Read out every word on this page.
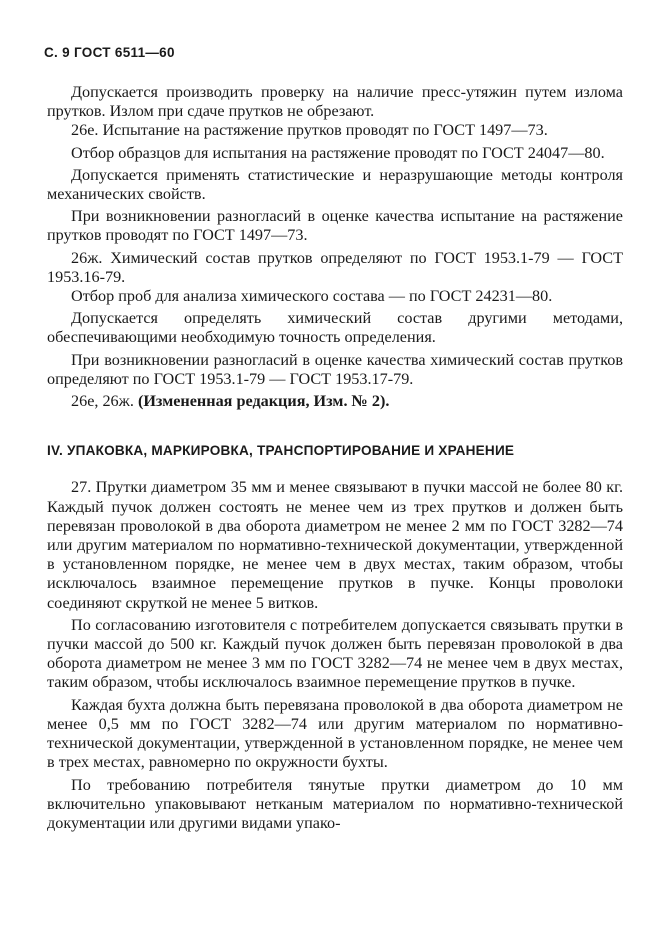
С. 9 ГОСТ 6511—60

Допускается производить проверку на наличие пресс-утяжин путем излома прутков. Излом при сдаче прутков не обрезают.

26е. Испытание на растяжение прутков проводят по ГОСТ 1497—73.

Отбор образцов для испытания на растяжение проводят по ГОСТ 24047—80.

Допускается применять статистические и неразрушающие методы контроля механических свойств.

При возникновении разногласий в оценке качества испытание на растяжение прутков проводят по ГОСТ 1497—73.

26ж. Химический состав прутков определяют по ГОСТ 1953.1-79 — ГОСТ 1953.16-79.

Отбор проб для анализа химического состава — по ГОСТ 24231—80.

Допускается определять химический состав другими методами, обеспечивающими необходимую точность определения.

При возникновении разногласий в оценке качества химический состав прутков определяют по ГОСТ 1953.1-79 — ГОСТ 1953.17-79.

26е, 26ж. (Измененная редакция, Изм. № 2).

IV. УПАКОВКА, МАРКИРОВКА, ТРАНСПОРТИРОВАНИЕ И ХРАНЕНИЕ

27. Прутки диаметром 35 мм и менее связывают в пучки массой не более 80 кг. Каждый пучок должен состоять не менее чем из трех прутков и должен быть перевязан проволокой в два оборота диаметром не менее 2 мм по ГОСТ 3282—74 или другим материалом по нормативно-технической документации, утвержденной в установленном порядке, не менее чем в двух местах, таким образом, чтобы исключалось взаимное перемещение прутков в пучке. Концы проволоки соединяют скруткой не менее 5 витков.

По согласованию изготовителя с потребителем допускается связывать прутки в пучки массой до 500 кг. Каждый пучок должен быть перевязан проволокой в два оборота диаметром не менее 3 мм по ГОСТ 3282—74 не менее чем в двух местах, таким образом, чтобы исключалось взаимное перемещение прутков в пучке.

Каждая бухта должна быть перевязана проволокой в два оборота диаметром не менее 0,5 мм по ГОСТ 3282—74 или другим материалом по нормативно-технической документации, утвержденной в установленном порядке, не менее чем в трех местах, равномерно по окружности бухты.

По требованию потребителя тянутые прутки диаметром до 10 мм включительно упаковывают нетканым материалом по нормативно-технической документации или другими видами упако-
